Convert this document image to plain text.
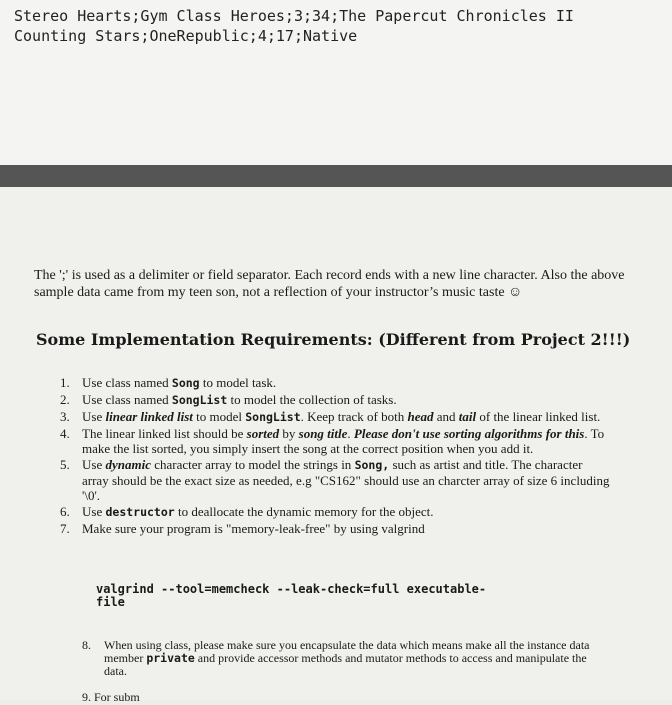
Stereo Hearts;Gym Class Heroes;3;34;The Papercut Chronicles II
Counting Stars;OneRepublic;4;17;Native
The ';' is used as a delimiter or field separator. Each record ends with a new line character. Also the above sample data came from my teen son, not a reflection of your instructor’s music taste ☺
Some Implementation Requirements: (Different from Project 2!!!)
1. Use class named Song to model task.
2. Use class named SongList to model the collection of tasks.
3. Use linear linked list to model SongList. Keep track of both head and tail of the linear linked list.
4. The linear linked list should be sorted by song title. Please don't use sorting algorithms for this. To make the list sorted, you simply insert the song at the correct position when you add it.
5. Use dynamic character array to model the strings in Song, such as artist and title. The character array should be the exact size as needed, e.g "CS162" should use an charcter array of size 6 including '\0'.
6. Use destructor to deallocate the dynamic memory for the object.
7. Make sure your program is "memory-leak-free" by using valgrind
valgrind --tool=memcheck --leak-check=full executable-
file
8.	When using class, please make sure you encapsulate the data which means make all the instance data member private and provide accessor methods and mutator methods to access and manipulate the data.
9. For subm
